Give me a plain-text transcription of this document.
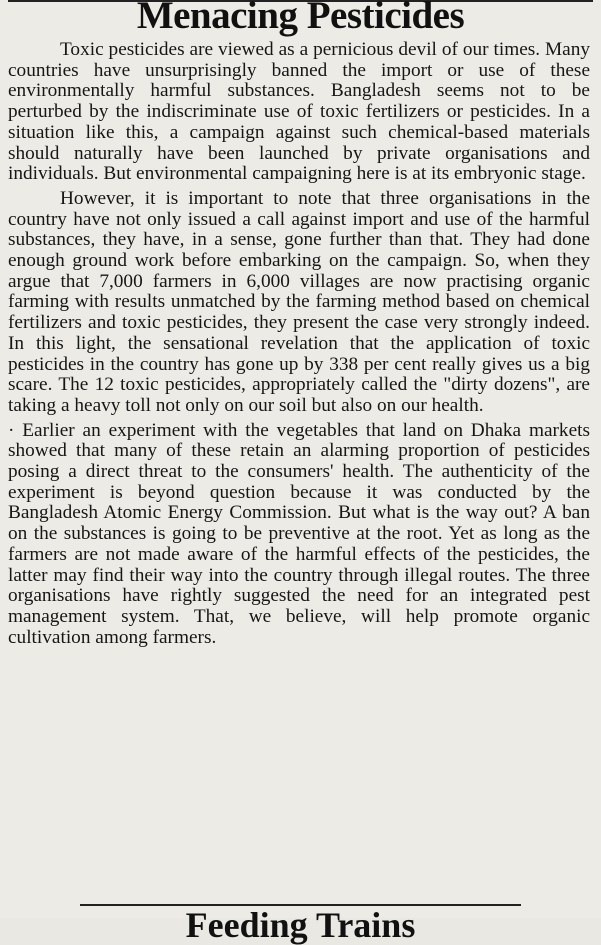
Menacing Pesticides

Toxic pesticides are viewed as a pernicious devil of our times. Many countries have unsurprisingly banned the import or use of these environmentally harmful substances. Bangladesh seems not to be perturbed by the indiscriminate use of toxic fertilizers or pesticides. In a situation like this, a campaign against such chemical-based materials should naturally have been launched by private organisations and individuals. But environmental campaigning here is at its embryonic stage.

However, it is important to note that three organisations in the country have not only issued a call against import and use of the harmful substances, they have, in a sense, gone further than that. They had done enough ground work before embarking on the campaign. So, when they argue that 7,000 farmers in 6,000 villages are now practising organic farming with results unmatched by the farming method based on chemical fertilizers and toxic pesticides, they present the case very strongly indeed. In this light, the sensational revelation that the application of toxic pesticides in the country has gone up by 338 per cent really gives us a big scare. The 12 toxic pesticides, appropriately called the "dirty dozens", are taking a heavy toll not only on our soil but also on our health.

· Earlier an experiment with the vegetables that land on Dhaka markets showed that many of these retain an alarming proportion of pesticides posing a direct threat to the consumers' health. The authenticity of the experiment is beyond question because it was conducted by the Bangladesh Atomic Energy Commission. But what is the way out? A ban on the substances is going to be preventive at the root. Yet as long as the farmers are not made aware of the harmful effects of the pesticides, the latter may find their way into the country through illegal routes. The three organisations have rightly suggested the need for an integrated pest management system. That, we believe, will help promote organic cultivation among farmers.

Feeding Trains
